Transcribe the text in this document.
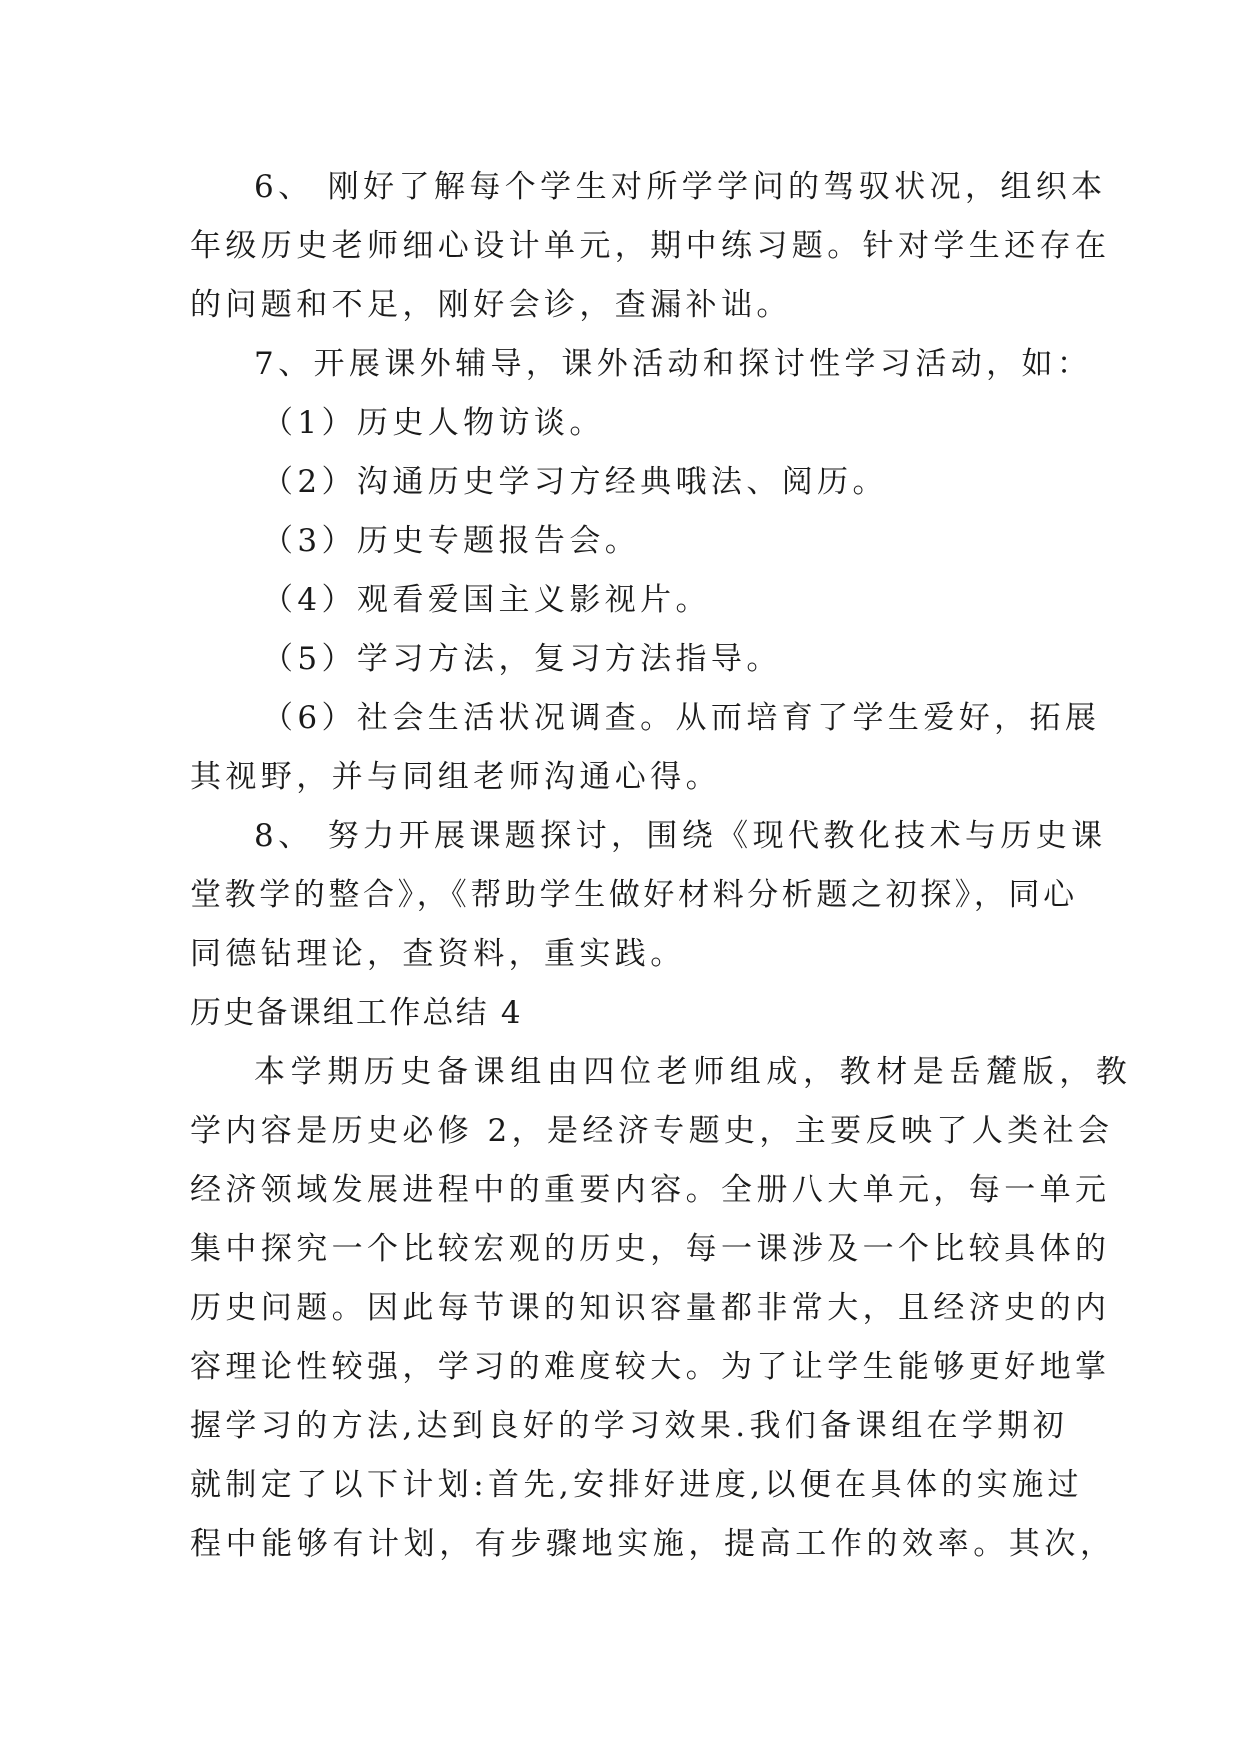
6、 刚好了解每个学生对所学学问的驾驭状况，组织本
年级历史老师细心设计单元，期中练习题。针对学生还存在
的问题和不足，刚好会诊，查漏补诎。
7、开展课外辅导，课外活动和探讨性学习活动，如：
（1）历史人物访谈。
（2）沟通历史学习方经典哦法、阅历。
（3）历史专题报告会。
（4）观看爱国主义影视片。
（5）学习方法，复习方法指导。
（6）社会生活状况调查。从而培育了学生爱好，拓展
其视野，并与同组老师沟通心得。
8、 努力开展课题探讨，围绕《现代教化技术与历史课
堂教学的整合》，《帮助学生做好材料分析题之初探》，同心
同德钻理论，查资料，重实践。
历史备课组工作总结 4
本学期历史备课组由四位老师组成，教材是岳麓版，教
学内容是历史必修 2，是经济专题史，主要反映了人类社会
经济领域发展进程中的重要内容。全册八大单元，每一单元
集中探究一个比较宏观的历史，每一课涉及一个比较具体的
历史问题。因此每节课的知识容量都非常大，且经济史的内
容理论性较强，学习的难度较大。为了让学生能够更好地掌
握学习的方法,达到良好的学习效果.我们备课组在学期初
就制定了以下计划:首先,安排好进度,以便在具体的实施过
程中能够有计划，有步骤地实施，提高工作的效率。其次，
